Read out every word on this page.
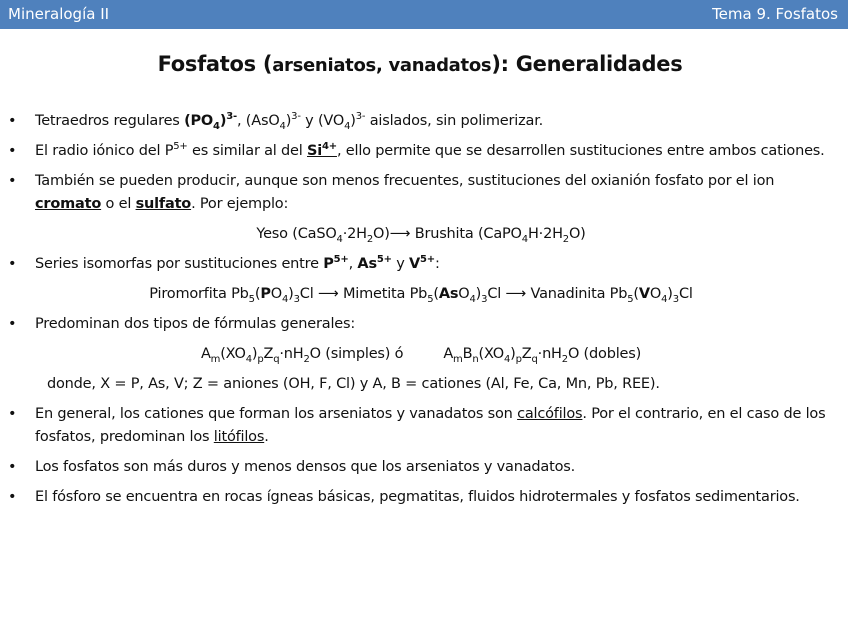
Mineralogía II	Tema 9. Fosfatos
Fosfatos (arseniatos, vanadatos): Generalidades
• Tetraedros regulares $(PO_4)^{3-}$, $(AsO_4)^{3-}$ y $(VO_4)^{3-}$ aislados, sin polimerizar.
• El radio iónico del $P^{5+}$ es similar al del $Si^{4+}$, ello permite que se desarrollen sustituciones entre ambos cationes.
• También se pueden producir, aunque son menos frecuentes, sustituciones del oxianión fosfato por el ion cromato o el sulfato. Por ejemplo:
Yeso $(CaSO_4\cdot 2H_2O)⟶$ Brushita $(CaPO_4H\cdot 2H_2O)$
• Series isomorfas por sustituciones entre $P^{5+}$, $As^{5+}$ y $V^{5+}$:
Piromorfita $Pb_5(PO_4)_3Cl$ ⟶ Mimetita $Pb_5(AsO_4)_3Cl$ ⟶ Vanadinita $Pb_5(VO_4)_3Cl$
• Predominan dos tipos de fórmulas generales:
$A_m(XO_4)_pZ_q\cdot nH_2O$ (simples) ó	$A_mB_n(XO_4)_pZ_q\cdot nH_2O$ (dobles)
donde, X = P, As, V; Z = aniones (OH, F, Cl) y A, B = cationes (Al, Fe, Ca, Mn, Pb, REE).
• En general, los cationes que forman los arseniatos y vanadatos son calcófilos. Por el contrario, en el caso de los fosfatos, predominan los litófilos.
• Los fosfatos son más duros y menos densos que los arseniatos y vanadatos.
• El fósforo se encuentra en rocas ígneas básicas, pegmatitas, fluidos hidrotermales y fosfatos sedimentarios.
